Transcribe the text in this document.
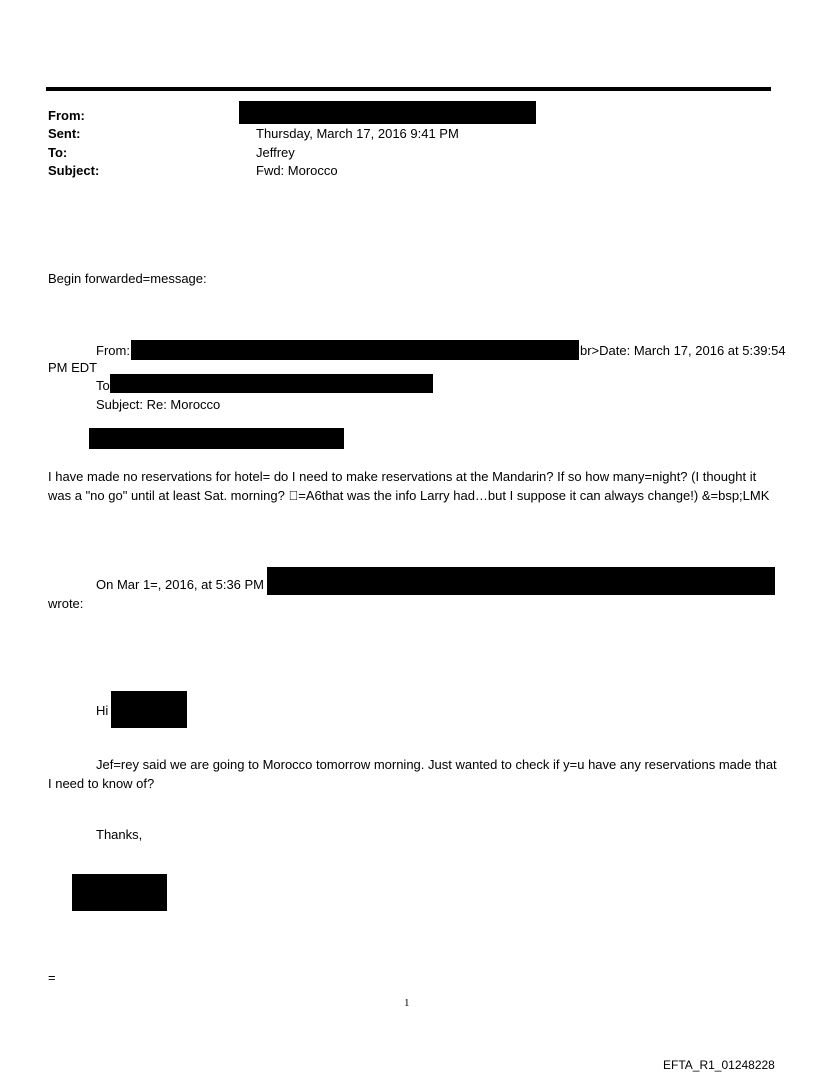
From:
Sent:	Thursday, March 17, 2016 9:41 PM
To:	Jeffrey
Subject:	Fwd: Morocco
Begin forwarded=message:
From:	br>Date: March 17, 2016 at 5:39:54
PM EDT
To
Subject: Re: Morocco
I have made no reservations for hotel= do I need to make reservations at the Mandarin? If so how many=night? (I thought it was a "no go" until at least Sat. morning?  =A6that was the info Larry had…but I suppose it can always change!) &=bsp;LMK
On Mar 1=, 2016, at 5:36 PM
wrote:
Hi
Jef=rey said we are going to Morocco tomorrow morning. Just wanted to check if y=u have any reservations made that I need to know of?
Thanks,
=
1
EFTA_R1_01248228
